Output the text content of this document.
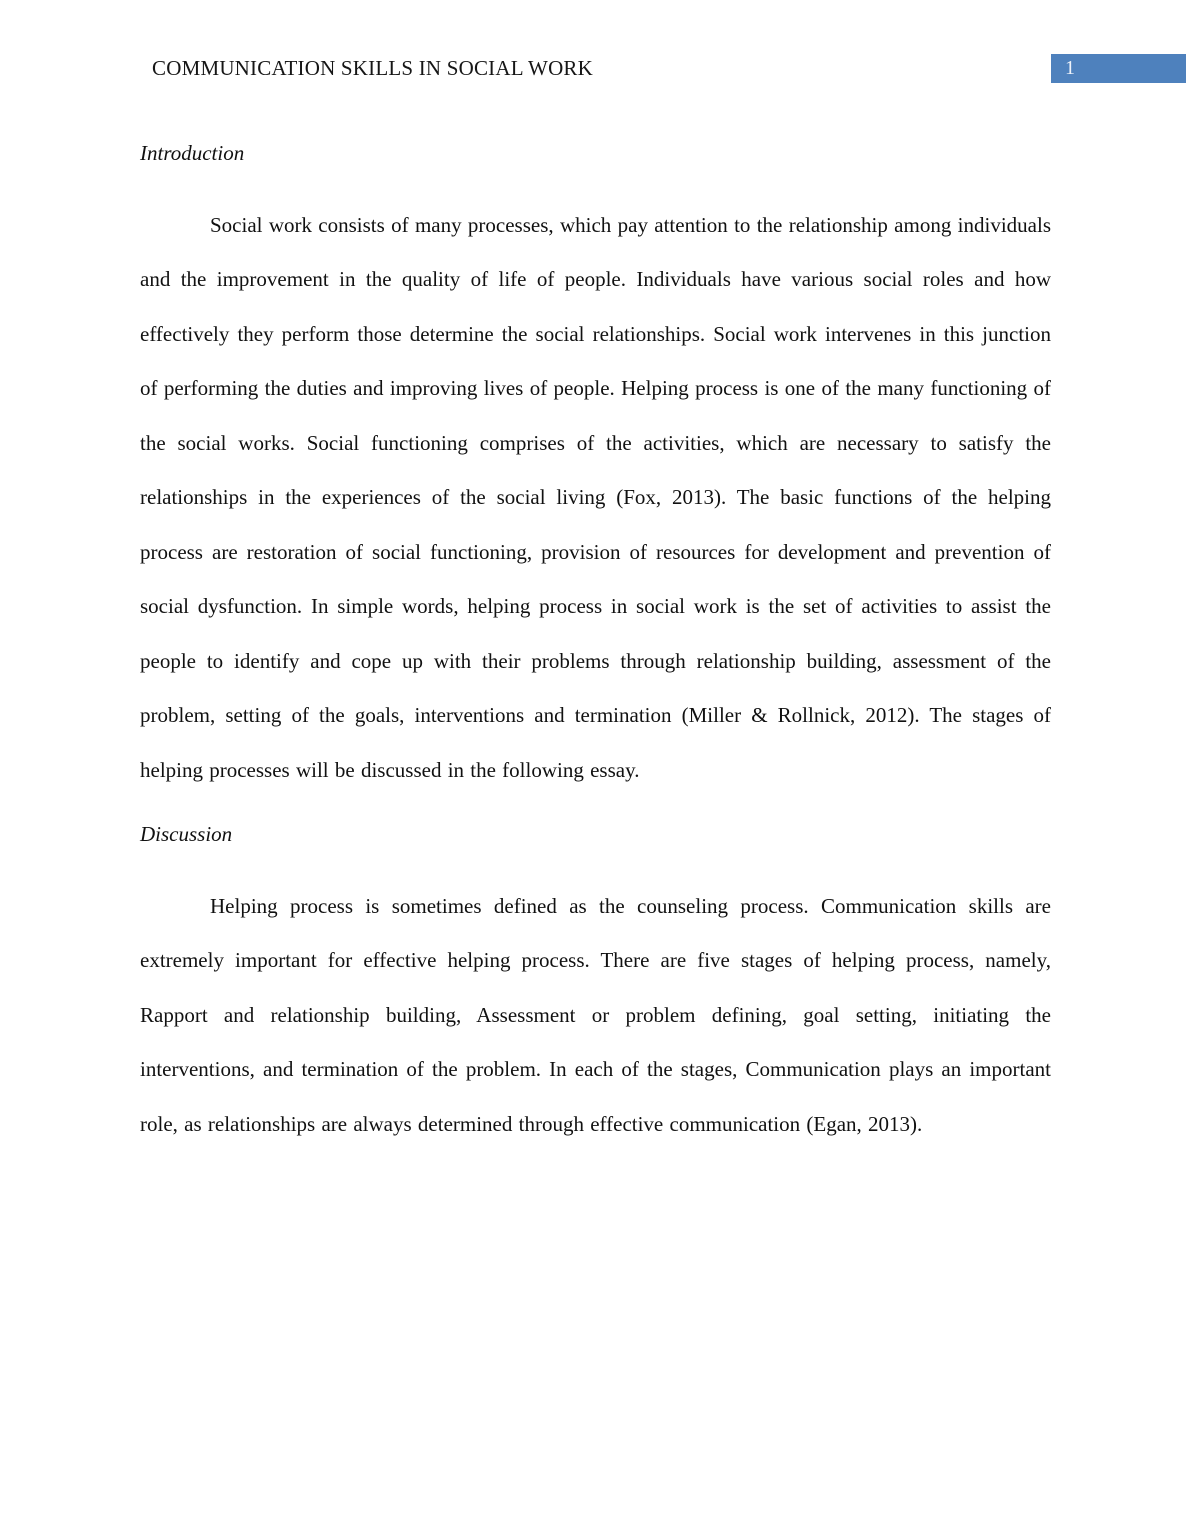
COMMUNICATION SKILLS IN SOCIAL WORK	1
Introduction

Social work consists of many processes, which pay attention to the relationship among individuals and the improvement in the quality of life of people. Individuals have various social roles and how effectively they perform those determine the social relationships. Social work intervenes in this junction of performing the duties and improving lives of people. Helping process is one of the many functioning of the social works. Social functioning comprises of the activities, which are necessary to satisfy the relationships in the experiences of the social living (Fox, 2013). The basic functions of the helping process are restoration of social functioning, provision of resources for development and prevention of social dysfunction. In simple words, helping process in social work is the set of activities to assist the people to identify and cope up with their problems through relationship building, assessment of the problem, setting of the goals, interventions and termination (Miller & Rollnick, 2012). The stages of helping processes will be discussed in the following essay.

Discussion

Helping process is sometimes defined as the counseling process. Communication skills are extremely important for effective helping process. There are five stages of helping process, namely, Rapport and relationship building, Assessment or problem defining, goal setting, initiating the interventions, and termination of the problem. In each of the stages, Communication plays an important role, as relationships are always determined through effective communication (Egan, 2013).
